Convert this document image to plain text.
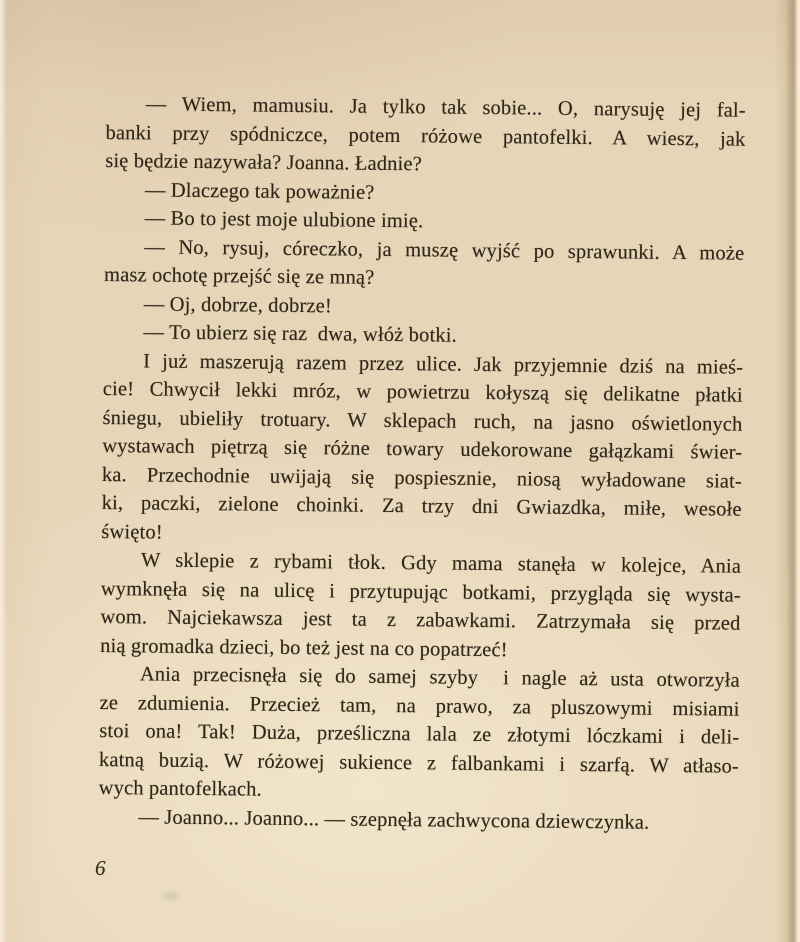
— Wiem, mamusiu. Ja tylko tak sobie... O, narysuję jej fal-
banki przy spódniczce, potem różowe pantofelki. A wiesz, jak
się będzie nazywała? Joanna. Ładnie?
— Dlaczego tak poważnie?
— Bo to jest moje ulubione imię.
— No, rysuj, córeczko, ja muszę wyjść po sprawunki. A może
masz ochotę przejść się ze mną?
— Oj, dobrze, dobrze!
— To ubierz się raz  dwa, włóż botki.
I już maszerują razem przez ulice. Jak przyjemnie dziś na mieś-
cie! Chwycił lekki mróz, w powietrzu kołyszą się delikatne płatki
śniegu, ubieliły trotuary. W sklepach ruch, na jasno oświetlonych
wystawach piętrzą się różne towary udekorowane gałązkami świer-
ka. Przechodnie uwijają się pospiesznie, niosą wyładowane siat-
ki, paczki, zielone choinki. Za trzy dni Gwiazdka, miłe, wesołe
święto!
W sklepie z rybami tłok. Gdy mama stanęła w kolejce, Ania
wymknęła się na ulicę i przytupując botkami, przygląda się wysta-
wom. Najciekawsza jest ta z zabawkami. Zatrzymała się przed
nią gromadka dzieci, bo też jest na co popatrzeć!
Ania przecisnęła się do samej szyby  i nagle aż usta otworzyła
ze zdumienia. Przecież tam, na prawo, za pluszowymi misiami
stoi ona! Tak! Duża, prześliczna lala ze złotymi lóczkami i deli-
katną buzią. W różowej sukience z falbankami i szarfą. W atłaso-
wych pantofelkach.
— Joanno... Joanno... — szepnęła zachwycona dziewczynka.
6
